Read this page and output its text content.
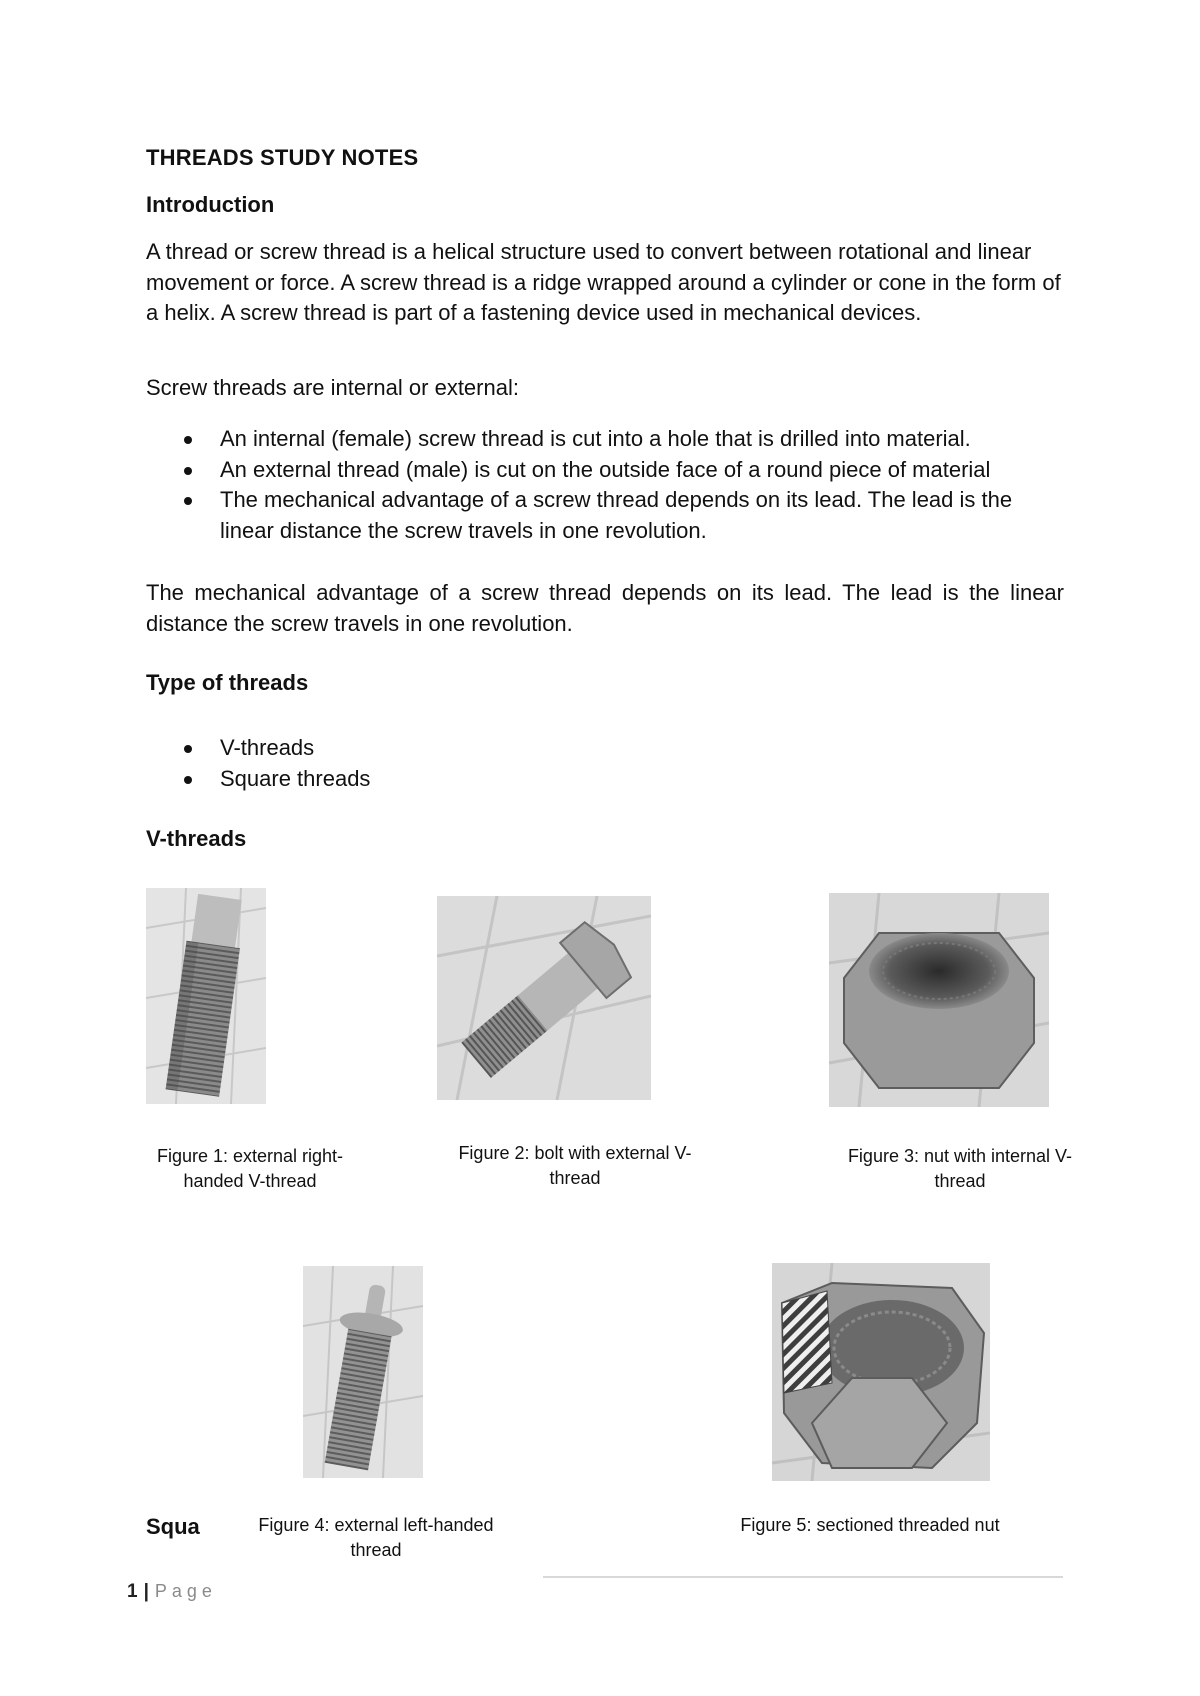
THREADS STUDY NOTES
Introduction
A thread or screw thread is a helical structure used to convert between rotational and linear movement or force. A screw thread is a ridge wrapped around a cylinder or cone in the form of a helix. A screw thread is part of a fastening device used in mechanical devices.
Screw threads are internal or external:
An internal (female) screw thread is cut into a hole that is drilled into material.
An external thread (male) is cut on the outside face of a round piece of material
The mechanical advantage of a screw thread depends on its lead. The lead is the linear distance the screw travels in one revolution.
The mechanical advantage of a screw thread depends on its lead. The lead is the linear distance the screw travels in one revolution.
Type of threads
V-threads
Square threads
V-threads
Figure 1: external right-handed V-thread
Figure 2: bolt with external V-thread
Figure 3: nut with internal V-thread
Figure 4: external left-handed thread
Figure 5: sectioned threaded nut
Squa
1 | Page
